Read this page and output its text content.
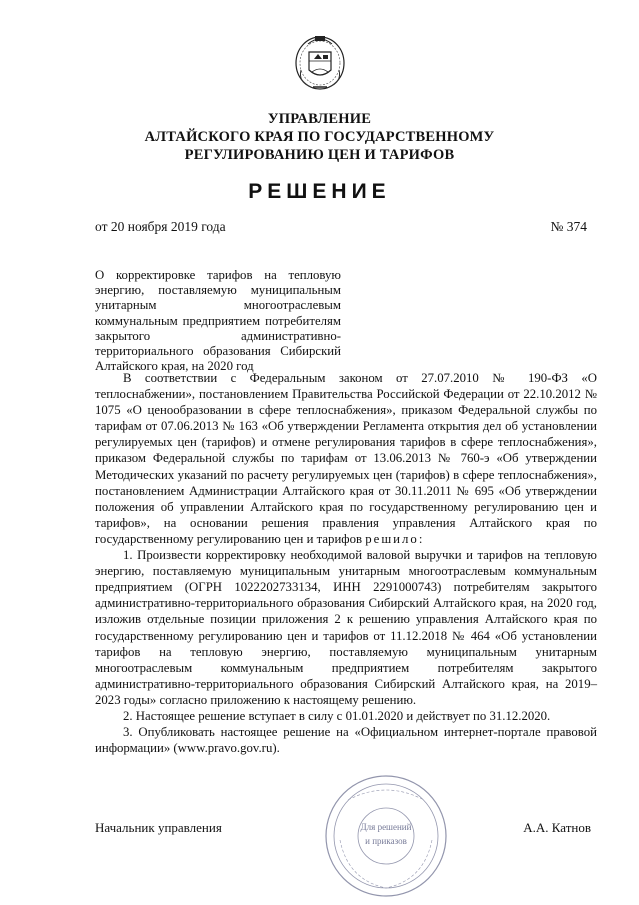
УПРАВЛЕНИЕ
АЛТАЙСКОГО КРАЯ ПО ГОСУДАРСТВЕННОМУ
РЕГУЛИРОВАНИЮ ЦЕН И ТАРИФОВ
РЕШЕНИЕ
от 20 ноября 2019 года	№ 374
О корректировке тарифов на тепловую энергию, поставляемую муниципальным унитарным многоотраслевым коммунальным предприятием потребителям закрытого административно-территориального образования Сибирский Алтайского края, на 2020 год

В соответствии с Федеральным законом от 27.07.2010 № 190-ФЗ «О теплоснабжении», постановлением Правительства Российской Федерации от 22.10.2012 № 1075 «О ценообразовании в сфере теплоснабжения», приказом Федеральной службы по тарифам от 07.06.2013 № 163 «Об утверждении Регламента открытия дел об установлении регулируемых цен (тарифов) и отмене регулирования тарифов в сфере теплоснабжения», приказом Федеральной службы по тарифам от 13.06.2013 № 760-э «Об утверждении Методических указаний по расчету регулируемых цен (тарифов) в сфере теплоснабжения», постановлением Администрации Алтайского края от 30.11.2011 № 695 «Об утверждении положения об управлении Алтайского края по государственному регулированию цен и тарифов», на основании решения правления управления Алтайского края по государственному регулированию цен и тарифов решило:

1. Произвести корректировку необходимой валовой выручки и тарифов на тепловую энергию, поставляемую муниципальным унитарным многоотраслевым коммунальным предприятием (ОГРН 1022202733134, ИНН 2291000743) потребителям закрытого административно-территориального образования Сибирский Алтайского края, на 2020 год, изложив отдельные позиции приложения 2 к решению управления Алтайского края по государственному регулированию цен и тарифов от 11.12.2018 № 464 «Об установлении тарифов на тепловую энергию, поставляемую муниципальным унитарным многоотраслевым коммунальным предприятием потребителям закрытого административно-территориального образования Сибирский Алтайского края, на 2019–2023 годы» согласно приложению к настоящему решению.

2. Настоящее решение вступает в силу с 01.01.2020 и действует по 31.12.2020.

3. Опубликовать настоящее решение на «Официальном интернет-портале правовой информации» (www.pravo.gov.ru).

Начальник управления	А.А. Катнов
Для решений
и приказов
